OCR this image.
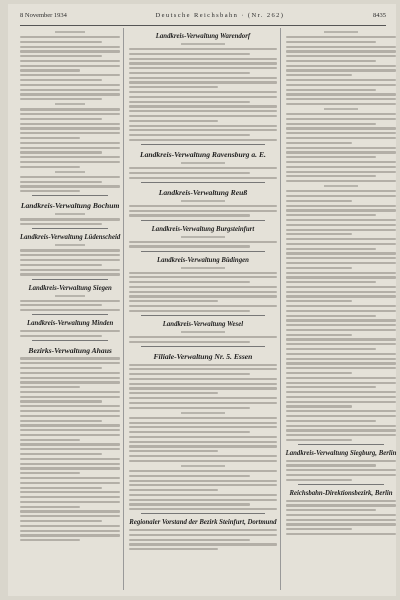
8 November 1934	Deutsche Reichsbahn · (Nr. 262)	8435
Landkreis-Verwaltung Bochum
Landkreis-Verwaltung Lüdenscheid
Landkreis-Verwaltung Siegen
Landkreis-Verwaltung Minden
Bezirks-Verwaltung Ahaus
Landkreis-Verwaltung Warendorf
Landkreis-Verwaltung Ravensburg a. E.
Landkreis-Verwaltung Reuß
Landkreis-Verwaltung Burgsteinfurt
Landkreis-Verwaltung Büdingen
Landkreis-Verwaltung Wesel
Filiale-Verwaltung Nr. 5. Essen
Regionaler Vorstand der Bezirk Steinfurt, Dortmund
Landkreis-Verwaltung Siegburg, Berlin
Reichsbahn-Direktionsbezirk, Berlin
